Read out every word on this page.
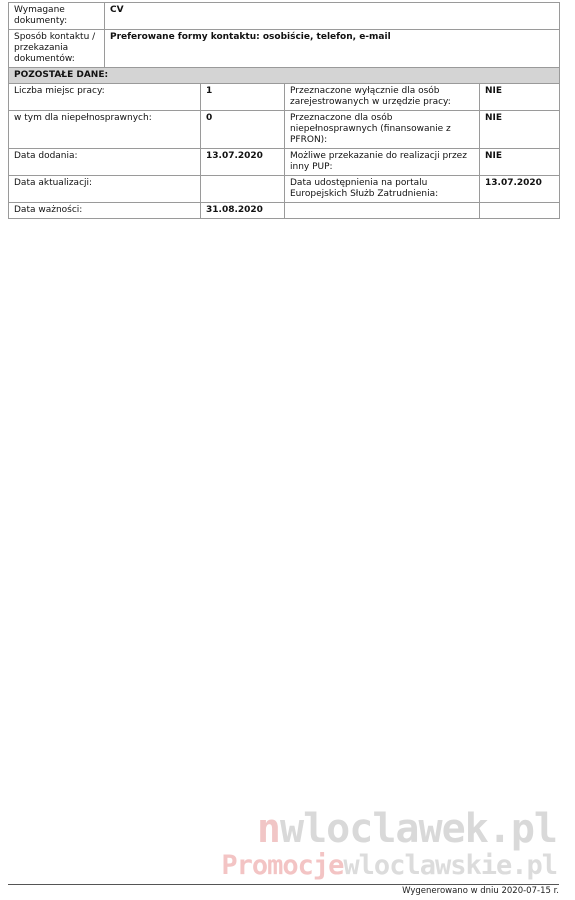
Wymagane dokumenty:	CV			
Sposób kontaktu / przekazania dokumentów:	Preferowane formy kontaktu: osobiście, telefon, e-mail			
POZOSTAŁE DANE:				
Liczba miejsc pracy:		1	Przeznaczone wyłącznie dla osób zarejestrowanych w urzędzie pracy:	NIE
w tym dla niepełnosprawnych:		0	Przeznaczone dla osób niepełnosprawnych (finansowanie z PFRON):	NIE
Data dodania:		13.07.2020	Możliwe przekazanie do realizacji przez inny PUP:	NIE
Data aktualizacji:			Data udostępnienia na portalu Europejskich Służb Zatrudnienia:	13.07.2020
Data ważności:		31.08.2020		
nwloclawek.pl
Promocjewloclawskie.pl
Wygenerowano w dniu 2020-07-15 r.
